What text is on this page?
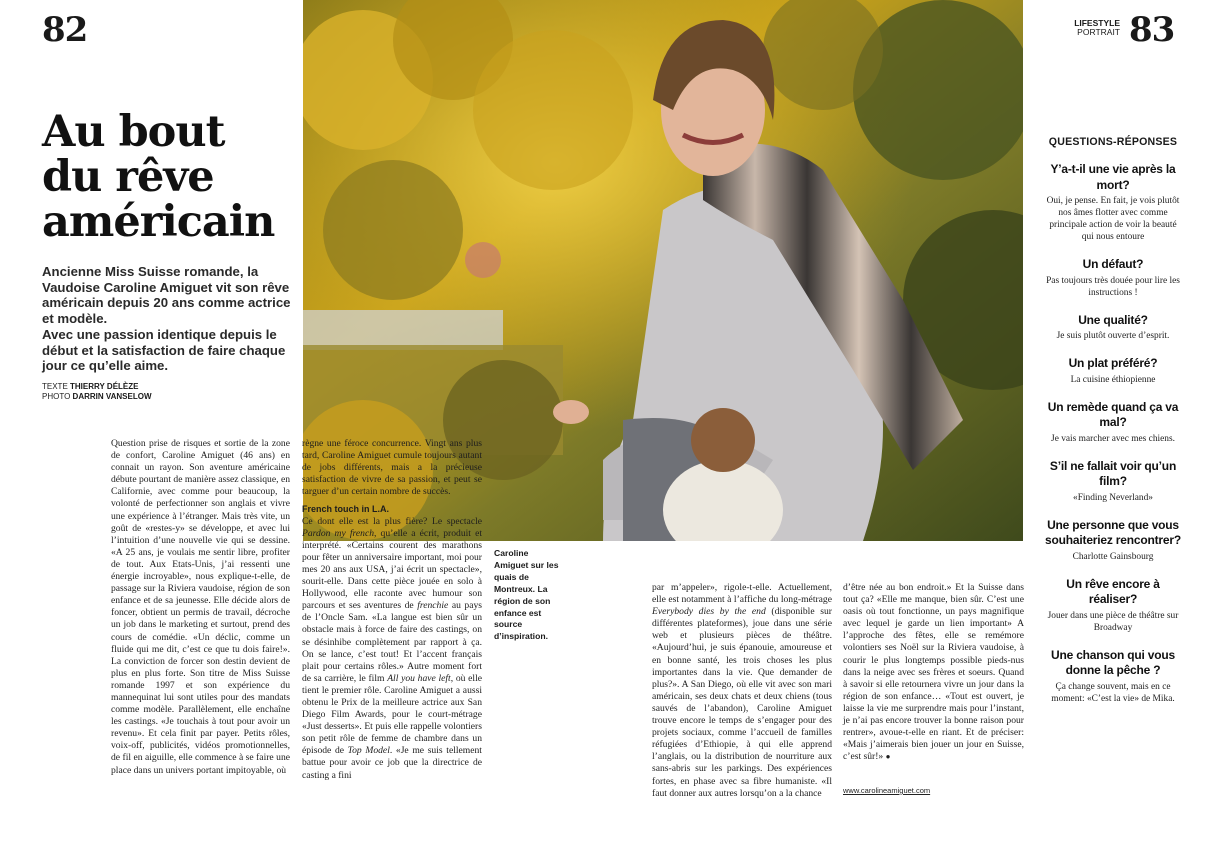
82	LIFESTYLE
PORTRAIT 83
Au bout
du rêve
américain

Ancienne Miss Suisse romande, la Vaudoise Caroline Amiguet vit son rêve américain depuis 20 ans comme actrice et modèle.

Avec une passion identique depuis le début et la satisfaction de faire chaque jour ce qu’elle aime.

TEXTE THIERRY DÉLÈZE
PHOTO DARRIN VANSELOW

Question prise de risques et sortie de la zone de confort, Caroline Amiguet (46 ans) en connait un rayon. Son aventure américaine débute pourtant de manière assez classique, en Californie, avec comme pour beaucoup, la volonté de perfectionner son anglais et vivre une expérience à l’étranger. Mais très vite, un goût de «restes-y» se développe, et avec lui l’intuition d’une nouvelle vie qui se dessine. «A 25 ans, je voulais me sentir libre, profiter de tout. Aux Etats-Unis, j’ai ressenti une énergie incroyable», nous explique-t-elle, de passage sur la Riviera vaudoise, région de son enfance et de sa jeunesse. Elle décide alors de foncer, obtient un permis de travail, décroche un job dans le marketing et surtout, prend des cours de comédie. «Un déclic, comme un fluide qui me dit, c’est ce que tu dois faire!». La conviction de forcer son destin devient de plus en plus forte. Son titre de Miss Suisse romande 1997 et son expérience du mannequinat lui sont utiles pour des mandats comme modèle. Parallèlement, elle enchaîne les castings. «Je touchais à tout pour avoir un revenu». Et cela finit par payer. Petits rôles, voix-off, publicités, vidéos promotionnelles, de fil en aiguille, elle commence à se faire une place dans un univers portant impitoyable, où

règne une féroce concurrence. Vingt ans plus tard, Caroline Amiguet cumule toujours autant de jobs différents, mais a la précieuse satisfaction de vivre de sa passion, et peut se targuer d’un certain nombre de succès.

French touch in L.A.

Ce dont elle est la plus fière? Le spectacle Pardon my french, qu’elle a écrit, produit et interprété. «Certains courent des marathons pour fêter un anniversaire important, moi pour mes 20 ans aux USA, j’ai écrit un spectacle», sourit-elle. Dans cette pièce jouée en solo à Hollywood, elle raconte avec humour son parcours et ses aventures de frenchie au pays de l’Oncle Sam. «La langue est bien sûr un obstacle mais à force de faire des castings, on se désinhibe complètement par rapport à ça. On se lance, c’est tout! Et l’accent français plait pour certains rôles.» Autre moment fort de sa carrière, le film All you have left, où elle tient le premier rôle. Caroline Amiguet a aussi obtenu le Prix de la meilleure actrice aux San Diego Film Awards, pour le court-métrage «Just desserts». Et puis elle rappelle volontiers son petit rôle de femme de chambre dans un épisode de Top Model. «Je me suis tellement battue pour avoir ce job que la directrice de casting a fini

Caroline Amiguet sur les quais de Montreux. La région de son enfance est source d’inspiration.

par m’appeler», rigole-t-elle. Actuellement, elle est notamment à l’affiche du long-métrage Everybody dies by the end (disponible sur différentes plateformes), joue dans une série web et plusieurs pièces de théâtre. «Aujourd’hui, je suis épanouie, amoureuse et en bonne santé, les trois choses les plus importantes dans la vie. Que demander de plus?». A San Diego, où elle vit avec son mari américain, ses deux chats et deux chiens (tous sauvés de l’abandon), Caroline Amiguet trouve encore le temps de s’engager pour des projets sociaux, comme l’accueil de familles réfugiées d’Ethiopie, à qui elle apprend l’anglais, ou la distribution de nourriture aux sans-abris sur les parkings. Des expériences fortes, en phase avec sa fibre humaniste. «Il faut donner aux autres lorsqu’on a la chance

d’être née au bon endroit.» Et la Suisse dans tout ça? «Elle me manque, bien sûr. C’est une oasis où tout fonctionne, un pays magnifique avec lequel je garde un lien important» A l’approche des fêtes, elle se remémore volontiers ses Noël sur la Riviera vaudoise, à courir le plus longtemps possible pieds-nus dans la neige avec ses frères et soeurs. Quand à savoir si elle retournera vivre un jour dans la région de son enfance… «Tout est ouvert, je laisse la vie me surprendre mais pour l’instant, je n’ai pas encore trouver la bonne raison pour rentrer», avoue-t-elle en riant. Et de préciser: «Mais j’aimerais bien jouer un jour en Suisse, c’est sûr!» ●

www.carolineamiguet.com
QUESTIONS-RÉPONSES
Y’a-t-il une vie après la mort?
Oui, je pense. En fait, je vois plutôt nos âmes flotter avec comme principale action de voir la beauté qui nous entoure
Un défaut?
Pas toujours très douée pour lire les instructions !
Une qualité?
Je suis plutôt ouverte d’esprit.
Un plat préféré?
La cuisine éthiopienne
Un remède quand ça va mal?
Je vais marcher avec mes chiens.
S’il ne fallait voir qu’un film?
«Finding Neverland»
Une personne que vous souhaiteriez rencontrer?
Charlotte Gainsbourg
Un rêve encore à réaliser?
Jouer dans une pièce de théâtre sur Broadway
Une chanson qui vous donne la pêche ?
Ça change souvent, mais en ce moment: «C’est la vie» de Mika.
